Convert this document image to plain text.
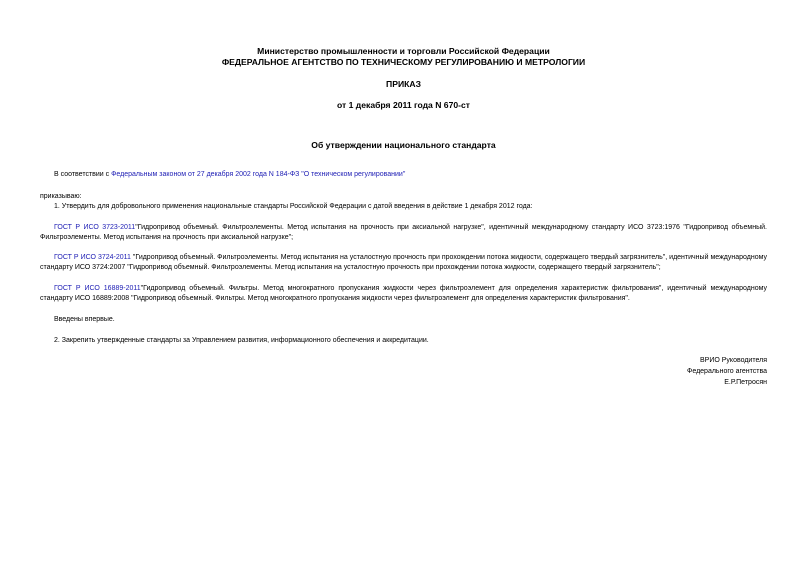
Министерство промышленности и торговли Российской Федерации
ФЕДЕРАЛЬНОЕ АГЕНТСТВО ПО ТЕХНИЧЕСКОМУ РЕГУЛИРОВАНИЮ И МЕТРОЛОГИИ
ПРИКАЗ
от 1 декабря 2011 года N 670-ст
Об утверждении национального стандарта
В соответствии с Федеральным законом от 27 декабря 2002 года N 184-ФЗ "О техническом регулировании"
приказываю:
1. Утвердить для добровольного применения национальные стандарты Российской Федерации с датой введения в действие 1 декабря 2012 года:
ГОСТ Р ИСО 3723-2011"Гидропривод объемный. Фильтроэлементы. Метод испытания на прочность при аксиальной нагрузке", идентичный международному стандарту ИСО 3723:1976 "Гидропривод объемный. Фильтроэлементы. Метод испытания на прочность при аксиальной нагрузке";
ГОСТ Р ИСО 3724-2011 "Гидропривод объемный. Фильтроэлементы. Метод испытания на усталостную прочность при прохождении потока жидкости, содержащего твердый загрязнитель", идентичный международному стандарту ИСО 3724:2007 "Гидропривод объемный. Фильтроэлементы. Метод испытания на усталостную прочность при прохождении потока жидкости, содержащего твердый загрязнитель";
ГОСТ Р ИСО 16889-2011"Гидропривод объемный. Фильтры. Метод многократного пропускания жидкости через фильтроэлемент для определения характеристик фильтрования", идентичный международному стандарту ИСО 16889:2008 "Гидропривод объемный. Фильтры. Метод многократного пропускания жидкости через фильтроэлемент для определения характеристик фильтрования".
Введены впервые.
2. Закрепить утвержденные стандарты за Управлением развития, информационного обеспечения и аккредитации.
ВРИО Руководителя
Федерального агентства
Е.Р.Петросян
